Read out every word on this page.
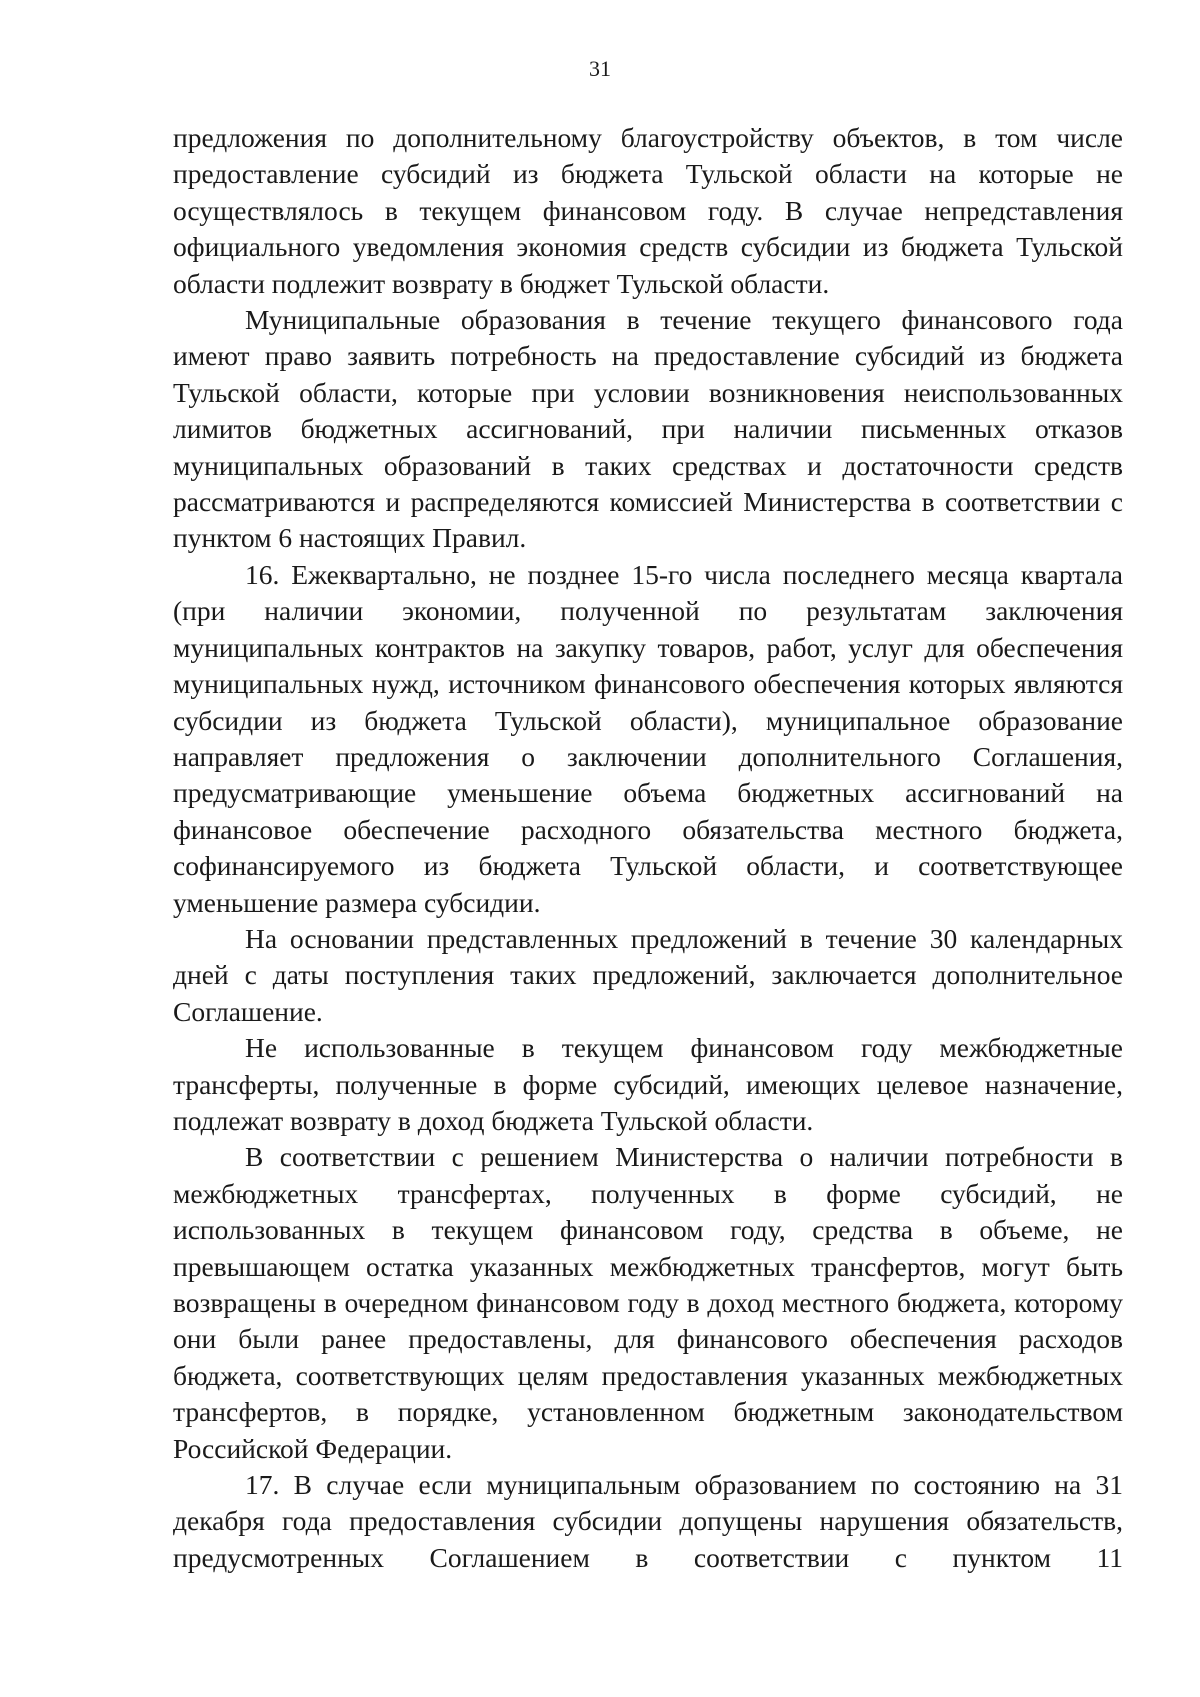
31

предложения по дополнительному благоустройству объектов, в том числе предоставление субсидий из бюджета Тульской области на которые не осуществлялось в текущем финансовом году. В случае непредставления официального уведомления экономия средств субсидии из бюджета Тульской области подлежит возврату в бюджет Тульской области.

Муниципальные образования в течение текущего финансового года имеют право заявить потребность на предоставление субсидий из бюджета Тульской области, которые при условии возникновения неиспользованных лимитов бюджетных ассигнований, при наличии письменных отказов муниципальных образований в таких средствах и достаточности средств рассматриваются и распределяются комиссией Министерства в соответствии с пунктом 6 настоящих Правил.

16. Ежеквартально, не позднее 15-го числа последнего месяца квартала (при наличии экономии, полученной по результатам заключения муниципальных контрактов на закупку товаров, работ, услуг для обеспечения муниципальных нужд, источником финансового обеспечения которых являются субсидии из бюджета Тульской области), муниципальное образование направляет предложения о заключении дополнительного Соглашения, предусматривающие уменьшение объема бюджетных ассигнований на финансовое обеспечение расходного обязательства местного бюджета, софинансируемого из бюджета Тульской области, и соответствующее уменьшение размера субсидии.

На основании представленных предложений в течение 30 календарных дней с даты поступления таких предложений, заключается дополнительное Соглашение.

Не использованные в текущем финансовом году межбюджетные трансферты, полученные в форме субсидий, имеющих целевое назначение, подлежат возврату в доход бюджета Тульской области.

В соответствии с решением Министерства о наличии потребности в межбюджетных трансфертах, полученных в форме субсидий, не использованных в текущем финансовом году, средства в объеме, не превышающем остатка указанных межбюджетных трансфертов, могут быть возвращены в очередном финансовом году в доход местного бюджета, которому они были ранее предоставлены, для финансового обеспечения расходов бюджета, соответствующих целям предоставления указанных межбюджетных трансфертов, в порядке, установленном бюджетным законодательством Российской Федерации.

17. В случае если муниципальным образованием по состоянию на 31 декабря года предоставления субсидии допущены нарушения обязательств, предусмотренных Соглашением в соответствии с пунктом 11
